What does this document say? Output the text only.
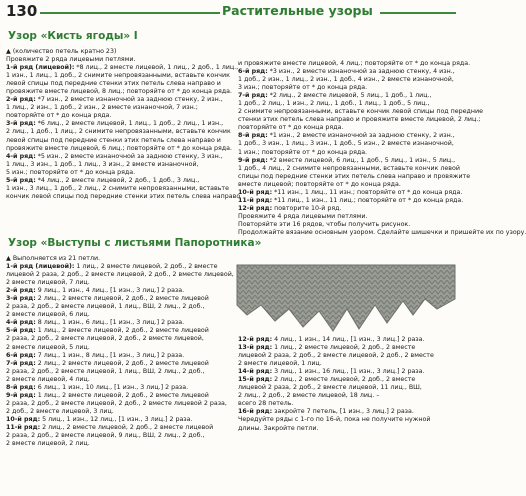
130	Растительные узоры
Узор «Кисть ягоды» I
▲ (количество петель кратно 23)
Провяжите 2 ряда лицевыми петлями.
1-й ряд (лицевой): *8 лиц., 2 вместе лицевой, 1 лиц., 2 доб., 1 лиц.,
1 изн., 1 лиц., 1 доб., 2 снимите непровязанными, вставьте кончик
левой спицы под передние стенки этих петель слева направо и
провяжите вместе лицевой, 8 лиц.; повторяйте от * до конца ряда.
2-й ряд: *7 изн., 2 вместе изнаночной за заднюю стенку, 2 изн.,
1 лиц., 2 изн., 1 доб., 2 изн., 2 вместе изнаночной, 7 изн.;
повторяйте от * до конца ряда.
3-й ряд: *6 лиц., 2 вместе лицевой, 1 лиц., 1 доб., 2 лиц., 1 изн.,
2 лиц., 1 доб., 1 лиц., 2 снимите непровязанными, вставьте кончик
левой спицы под передние стенки этих петель слева направо и
провяжите вместе лицевой, 6 лиц.; повторяйте от * до конца ряда.
4-й ряд: *5 изн., 2 вместе изнаночной за заднюю стенку, 3 изн.,
1 лиц., 3 изн., 1 доб., 1 лиц., 3 изн., 2 вместе изнаночной,
5 изн.; повторяйте от * до конца ряда.
5-й ряд: *4 лиц., 2 вместе лицевой, 2 доб., 1 доб., 3 лиц.,
1 изн., 3 лиц., 1 доб., 2 лиц., 2 снимите непровязанными, вставьте
кончик левой спицы под передние стенки этих петель слева направо
и провяжите вместе лицевой, 4 лиц.; повторяйте от * до конца ряда.
6-й ряд: *3 изн., 2 вместе изнаночной за заднюю стенку, 4 изн.,
1 доб., 2 изн., 1 лиц., 2 изн., 1 доб., 4 изн., 2 вместе изнаночной,
3 изн.; повторяйте от * до конца ряда.
7-й ряд: *2 лиц., 2 вместе лицевой, 5 лиц., 1 доб., 1 лиц.,
1 доб., 2 лиц., 1 изн., 2 лиц., 1 доб., 1 лиц., 1 доб., 5 лиц.,
2 снимите непровязанными, вставьте кончик левой спицы под передние
стенки этих петель слева направо и провяжите вместе лицевой, 2 лиц.;
повторяйте от * до конца ряда.
8-й ряд: *1 изн., 2 вместе изнаночной за заднюю стенку, 2 изн.,
1 доб., 3 изн., 1 лиц., 3 изн., 1 доб., 5 изн., 2 вместе изнаночной,
1 изн.; повторяйте от * до конца ряда.
9-й ряд: *2 вместе лицевой, 6 лиц., 1 доб., 5 лиц., 1 изн., 5 лиц.,
1 доб., 4 лиц., 2 снимите непровязанными, вставьте кончик левой
спицы под передние стенки этих петель слева направо и провяжите
вместе лицевой; повторяйте от * до конца ряда.
10-й ряд: *11 изн., 1 лиц., 11 изн.; повторяйте от * до конца ряда.
11-й ряд: *11 лиц., 1 изн., 11 лиц.; повторяйте от * до конца ряда.
12-й ряд: повторите 10-й ряд.
Провяжите 4 ряда лицевыми петлями.
Повторяйте эти 16 рядов, чтобы получить рисунок.
Продолжайте вязание основным узором. Сделайте шишечки и пришейте их по узору.
Узор «Выступы с листьями Папоротника»
▲ Выполняется из 21 петли.
1-й ряд (лицевой): 1 лиц., 2 вместе лицевой, 2 доб., 2 вместе
лицевой 2 раза, 2 доб., 2 вместе лицевой, 2 доб., 2 вместе лицевой,
2 вместе лицевой, 7 лиц.
2-й ряд: 9 лиц., 1 изн., 4 лиц., [1 изн., 3 лиц.] 2 раза.
3-й ряд: 2 лиц., 2 вместе лицевой, 2 доб., 2 вместе лицевой
2 раза, 2 доб., 2 вместе лицевой, 1 лиц., ВШ, 2 лиц., 2 доб.,
2 вместе лицевой, 6 лиц.
4-й ряд: 8 лиц., 1 изн., 6 лиц., [1 изн., 3 лиц.] 2 раза.
5-й ряд: 1 лиц., 2 вместе лицевой, 2 доб., 2 вместе лицевой
2 раза, 2 доб., 2 вместе лицевой, 2 доб., 2 вместе лицевой,
2 вместе лицевой, 5 лиц.
6-й ряд: 7 лиц., 1 изн., 8 лиц., [1 изн., 3 лиц.] 2 раза.
7-й ряд: 2 лиц., 2 вместе лицевой, 2 доб., 2 вместе лицевой
2 раза, 2 доб., 2 вместе лицевой, 1 лиц., ВШ, 2 лиц., 2 доб.,
2 вместе лицевой, 4 лиц.
8-й ряд: 6 лиц., 1 изн., 10 лиц., [1 изн., 3 лиц.] 2 раза.
9-й ряд: 1 лиц., 2 вместе лицевой, 2 доб., 2 вместе лицевой
2 раза, 2 доб., 2 вместе лицевой, 2 доб., 2 вместе лицевой 2 раза,
2 доб., 2 вместе лицевой, 3 лиц.
10-й ряд: 5 лиц., 1 изн., 12 лиц., [1 изн., 3 лиц.] 2 раза.
11-й ряд: 2 лиц., 2 вместе лицевой, 2 доб., 2 вместе лицевой
2 раза, 2 доб., 2 вместе лицевой, 9 лиц., ВШ, 2 лиц., 2 доб.,
2 вместе лицевой, 2 лиц.
12-й ряд: 4 лиц., 1 изн., 14 лиц., [1 изн., 3 лиц.] 2 раза.
13-й ряд: 1 лиц., 2 вместе лицевой, 2 доб., 2 вместе
лицевой 2 раза, 2 доб., 2 вместе лицевой, 2 доб., 2 вместе
2 вместе лицевой, 1 лиц.
14-й ряд: 3 лиц., 1 изн., 16 лиц., [1 изн., 3 лиц.] 2 раза.
15-й ряд: 2 лиц., 2 вместе лицевой, 2 доб., 2 вместе
лицевой 2 раза, 2 доб., 2 вместе лицевой, 11 лиц., ВШ,
2 лиц., 2 доб., 2 вместе лицевой, 18 лиц. –
всего 28 петель.
16-й ряд: закройте 7 петель, [1 изн., 3 лиц.] 2 раза.
Чередуйте ряды с 1-го по 16-й, пока не получите нужной
длины. Закройте петли.
